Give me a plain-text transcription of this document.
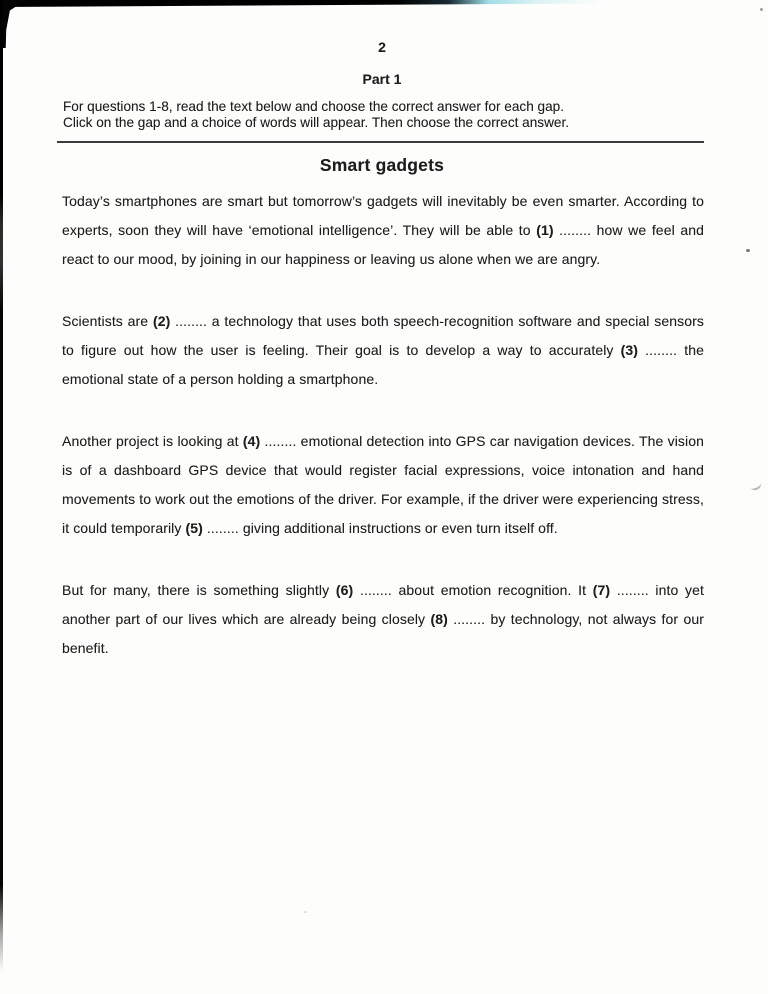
2
Part 1
For questions 1-8, read the text below and choose the correct answer for each gap.
Click on the gap and a choice of words will appear. Then choose the correct answer.
Smart gadgets

Today’s smartphones are smart but tomorrow’s gadgets will inevitably be even smarter. According to experts, soon they will have ‘emotional intelligence’. They will be able to (1) ........ how we feel and react to our mood, by joining in our happiness or leaving us alone when we are angry.

Scientists are (2) ........ a technology that uses both speech-recognition software and special sensors to figure out how the user is feeling. Their goal is to develop a way to accurately (3) ........ the emotional state of a person holding a smartphone.

Another project is looking at (4) ........ emotional detection into GPS car navigation devices. The vision is of a dashboard GPS device that would register facial expressions, voice intonation and hand movements to work out the emotions of the driver. For example, if the driver were experiencing stress, it could temporarily (5) ........ giving additional instructions or even turn itself off.

But for many, there is something slightly (6) ........ about emotion recognition. It (7) ........ into yet another part of our lives which are already being closely (8) ........ by technology, not always for our benefit.
